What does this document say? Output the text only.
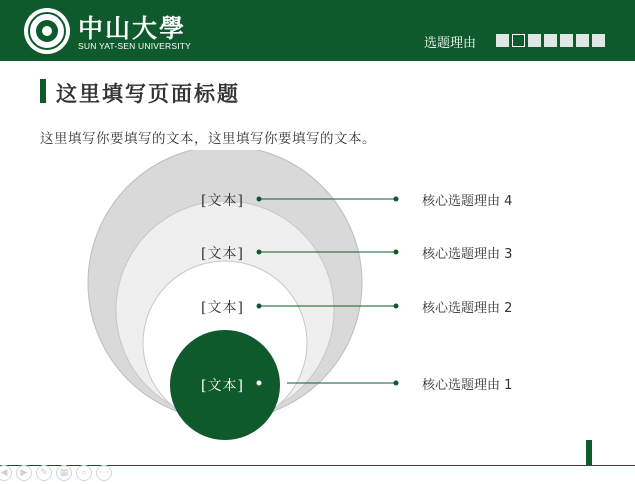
中山大學
SUN YAT-SEN UNIVERSITY	选题理由
这里填写页面标题
这里填写你要填写的文本，这里填写你要填写的文本。
[文本]
[文本]
[文本]
[文本]
核心选题理由 4
核心选题理由 3
核心选题理由 2
核心选题理由 1
◀	▶	✎	▦	⌕	⋯
